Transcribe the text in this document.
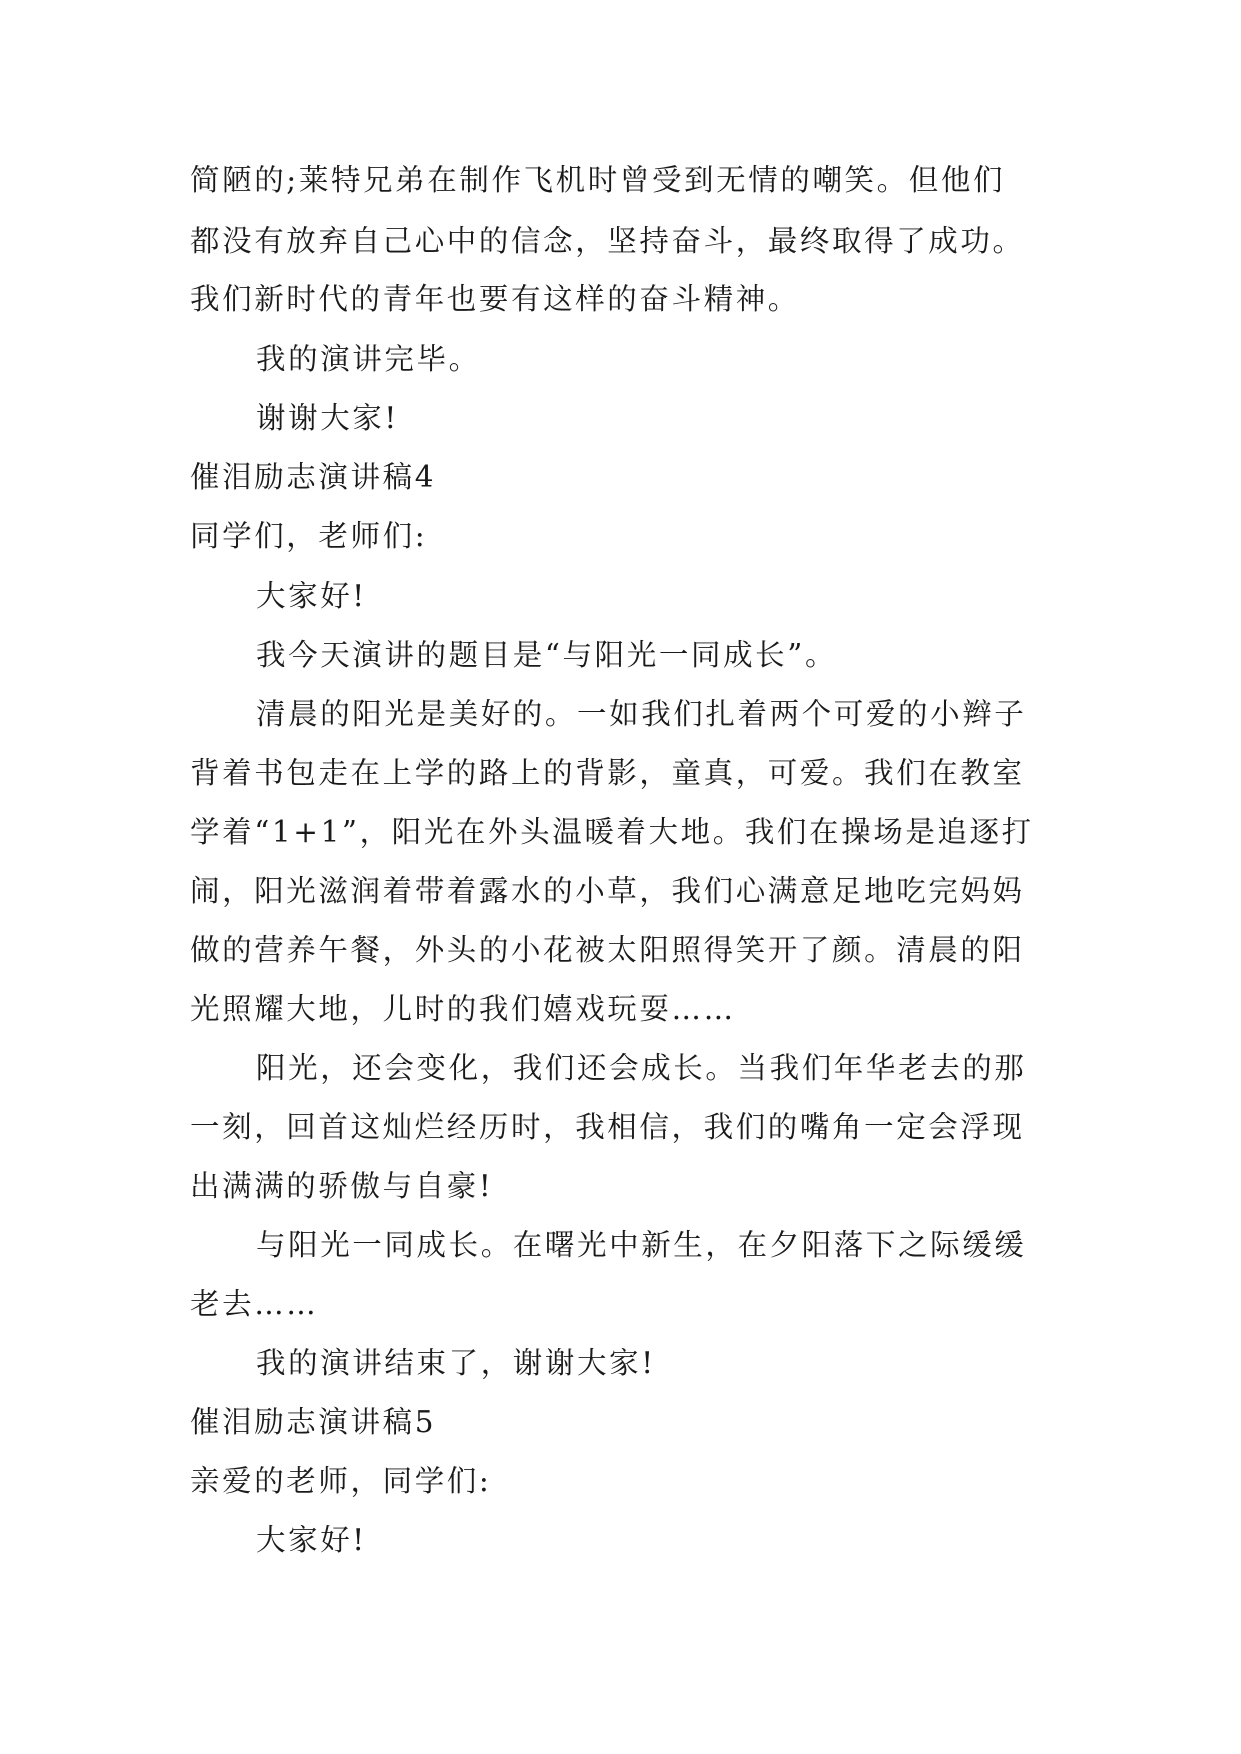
简陋的;莱特兄弟在制作飞机时曾受到无情的嘲笑。但他们
都没有放弃自己心中的信念，坚持奋斗，最终取得了成功。
我们新时代的青年也要有这样的奋斗精神。
我的演讲完毕。
谢谢大家!
催泪励志演讲稿4
同学们，老师们:
大家好!
我今天演讲的题目是“与阳光一同成长”。
清晨的阳光是美好的。一如我们扎着两个可爱的小辫子
背着书包走在上学的路上的背影，童真，可爱。我们在教室
学着“1+1”，阳光在外头温暖着大地。我们在操场是追逐打
闹，阳光滋润着带着露水的小草，我们心满意足地吃完妈妈
做的营养午餐，外头的小花被太阳照得笑开了颜。清晨的阳
光照耀大地，儿时的我们嬉戏玩耍……
阳光，还会变化，我们还会成长。当我们年华老去的那
一刻，回首这灿烂经历时，我相信，我们的嘴角一定会浮现
出满满的骄傲与自豪!
与阳光一同成长。在曙光中新生，在夕阳落下之际缓缓
老去……
我的演讲结束了，谢谢大家!
催泪励志演讲稿5
亲爱的老师，同学们:
大家好!
